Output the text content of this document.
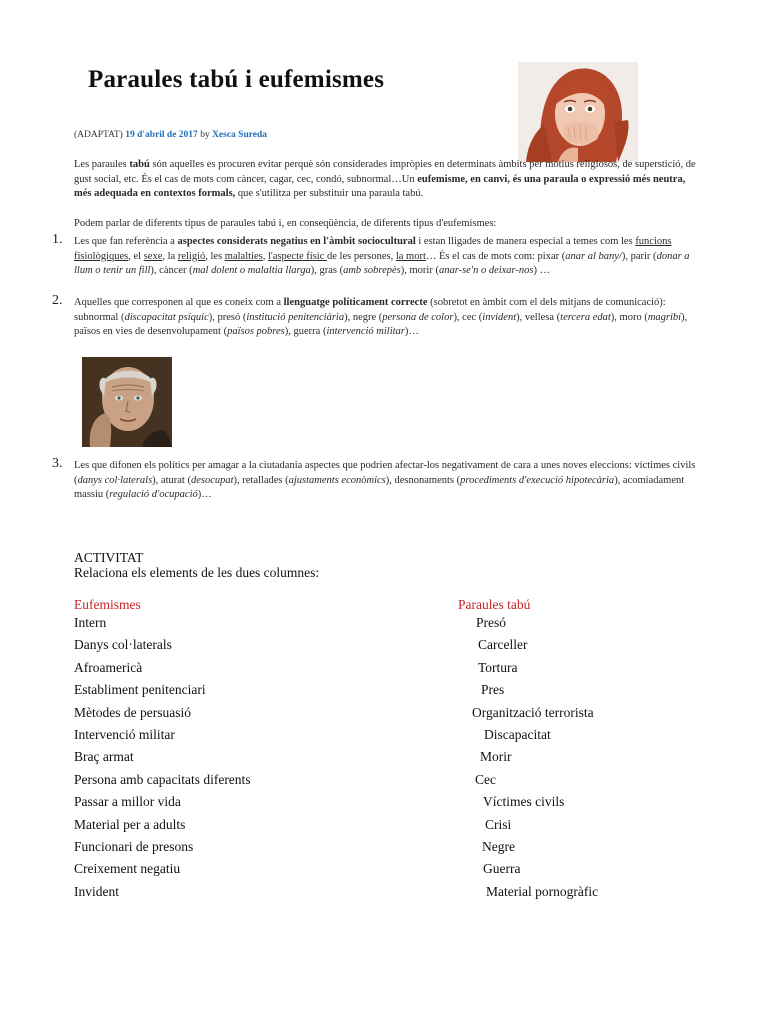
Paraules tabú i eufemismes
(ADAPTAT) 19 d'abril de 2017 by Xesca Sureda
Les paraules tabú són aquelles es procuren evitar perquè són considerades impròpies en determinats àmbits per motius religiosos, de superstició, de gust social, etc. És el cas de mots com càncer, cagar, cec, condó, subnormal…Un eufemisme, en canvi, és una paraula o expressió més neutra, més adequada en contextos formals, que s'utilitza per substituir una paraula tabú.
Podem parlar de diferents tipus de paraules tabú i, en conseqüència, de diferents tipus d'eufemismes:
1. Les que fan referència a aspectes considerats negatius en l'àmbit sociocultural i estan lligades de manera especial a temes com les funcions fisiològiques, el sexe, la religió, les malalties, l'aspecte físic de les persones, la mort… És el cas de mots com: pixar (anar al bany/), parir (donar a llum o tenir un fill), càncer (mal dolent o malaltia llarga), gras (amb sobrepès), morir (anar-se'n o deixar-nos) …
2. Aquelles que corresponen al que es coneix com a llenguatge políticament correcte (sobretot en àmbit com el dels mitjans de comunicació): subnormal (discapacitat psíquic), presó (institució penitenciària), negre (persona de color), cec (invident), vellesa (tercera edat), moro (magribí), països en vies de desenvolupament (països pobres), guerra (intervenció militar)…
3. Les que difonen els polítics per amagar a la ciutadania aspectes que podrien afectar-los negativament de cara a unes noves eleccions: víctimes civils (danys col·laterals), aturat (desocupat), retallades (ajustaments econòmics), desnonaments (procediments d'execució hipotecària), acomiadament massiu (regulació d'ocupació)…
ACTIVITAT
Relaciona els elements de les dues columnes:
Eufemismes	Paraules tabú
Intern
Danys col·laterals
Afroamericà
Establiment penitenciari
Mètodes de persuasió
Intervenció militar
Braç armat
Persona amb capacitats diferents
Passar a millor vida
Material per a adults
Funcionari de presons
Creixement negatiu
Invident
Presó
Carceller
Tortura
Pres
Organització terrorista
Discapacitat
Morir
Cec
Víctimes civils
Crisi
Negre
Guerra
Material pornogràfic
